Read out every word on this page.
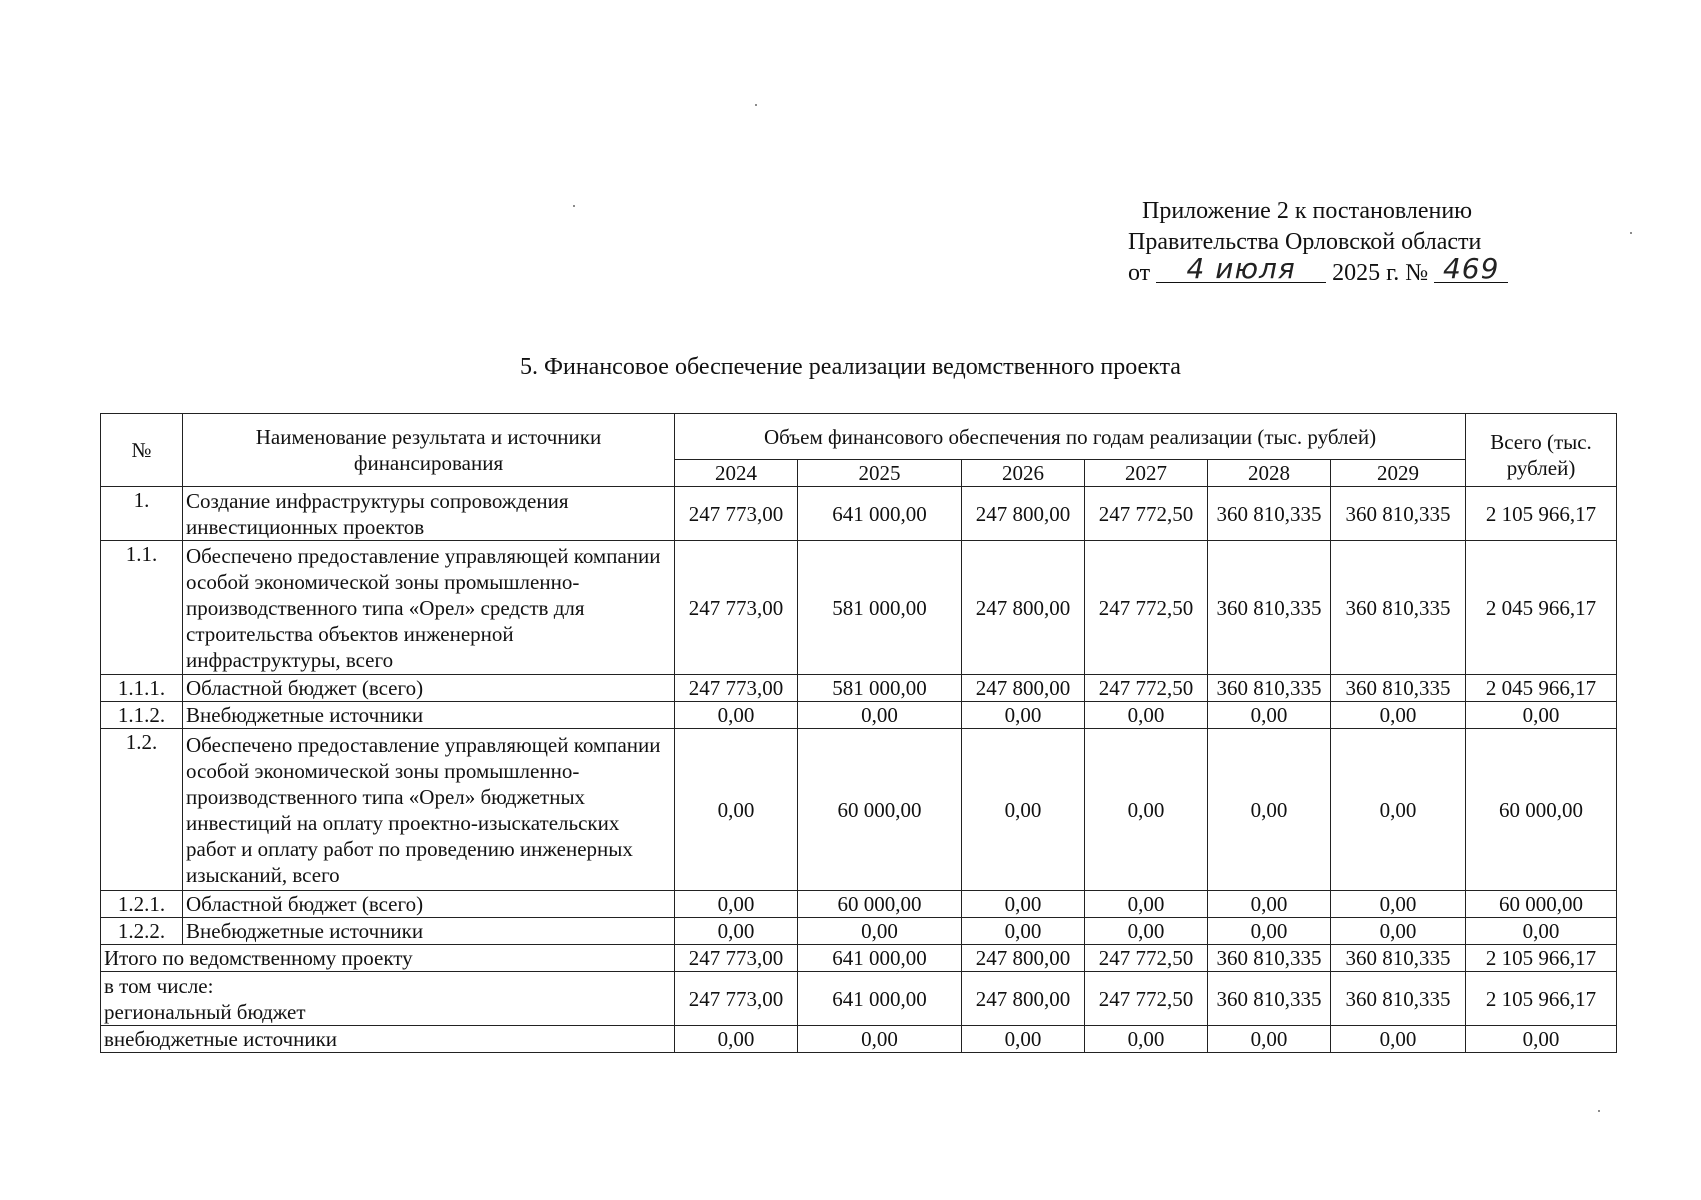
Приложение 2 к постановлению
Правительства Орловской области
от 4 июля 2025 г. № 469
5. Финансовое обеспечение реализации ведомственного проекта
№	Наименование результата и источники финансирования	Объем финансового обеспечения по годам реализации (тыс. рублей)						Всего (тыс. рублей)
		2024	2025	2026	2027	2028	2029	
1.	Создание инфраструктуры сопровождения инвестиционных проектов	247 773,00	641 000,00	247 800,00	247 772,50	360 810,335	360 810,335	2 105 966,17
1.1.	Обеспечено предоставление управляющей компании особой экономической зоны промышленно-производственного типа «Орел» средств для строительства объектов инженерной инфраструктуры, всего	247 773,00	581 000,00	247 800,00	247 772,50	360 810,335	360 810,335	2 045 966,17
1.1.1.	Областной бюджет (всего)	247 773,00	581 000,00	247 800,00	247 772,50	360 810,335	360 810,335	2 045 966,17
1.1.2.	Внебюджетные источники	0,00	0,00	0,00	0,00	0,00	0,00	0,00
1.2.	Обеспечено предоставление управляющей компании особой экономической зоны промышленно-производственного типа «Орел» бюджетных инвестиций на оплату проектно-изыскательских работ и оплату работ по проведению инженерных изысканий, всего	0,00	60 000,00	0,00	0,00	0,00	0,00	60 000,00
1.2.1.	Областной бюджет (всего)	0,00	60 000,00	0,00	0,00	0,00	0,00	60 000,00
1.2.2.	Внебюджетные источники	0,00	0,00	0,00	0,00	0,00	0,00	0,00
Итого по ведомственному проекту		247 773,00	641 000,00	247 800,00	247 772,50	360 810,335	360 810,335	2 105 966,17

в том числе:
региональный бюджет		247 773,00	641 000,00	247 800,00	247 772,50	360 810,335	360 810,335	2 105 966,17
внебюджетные источники		0,00	0,00	0,00	0,00	0,00	0,00	0,00
